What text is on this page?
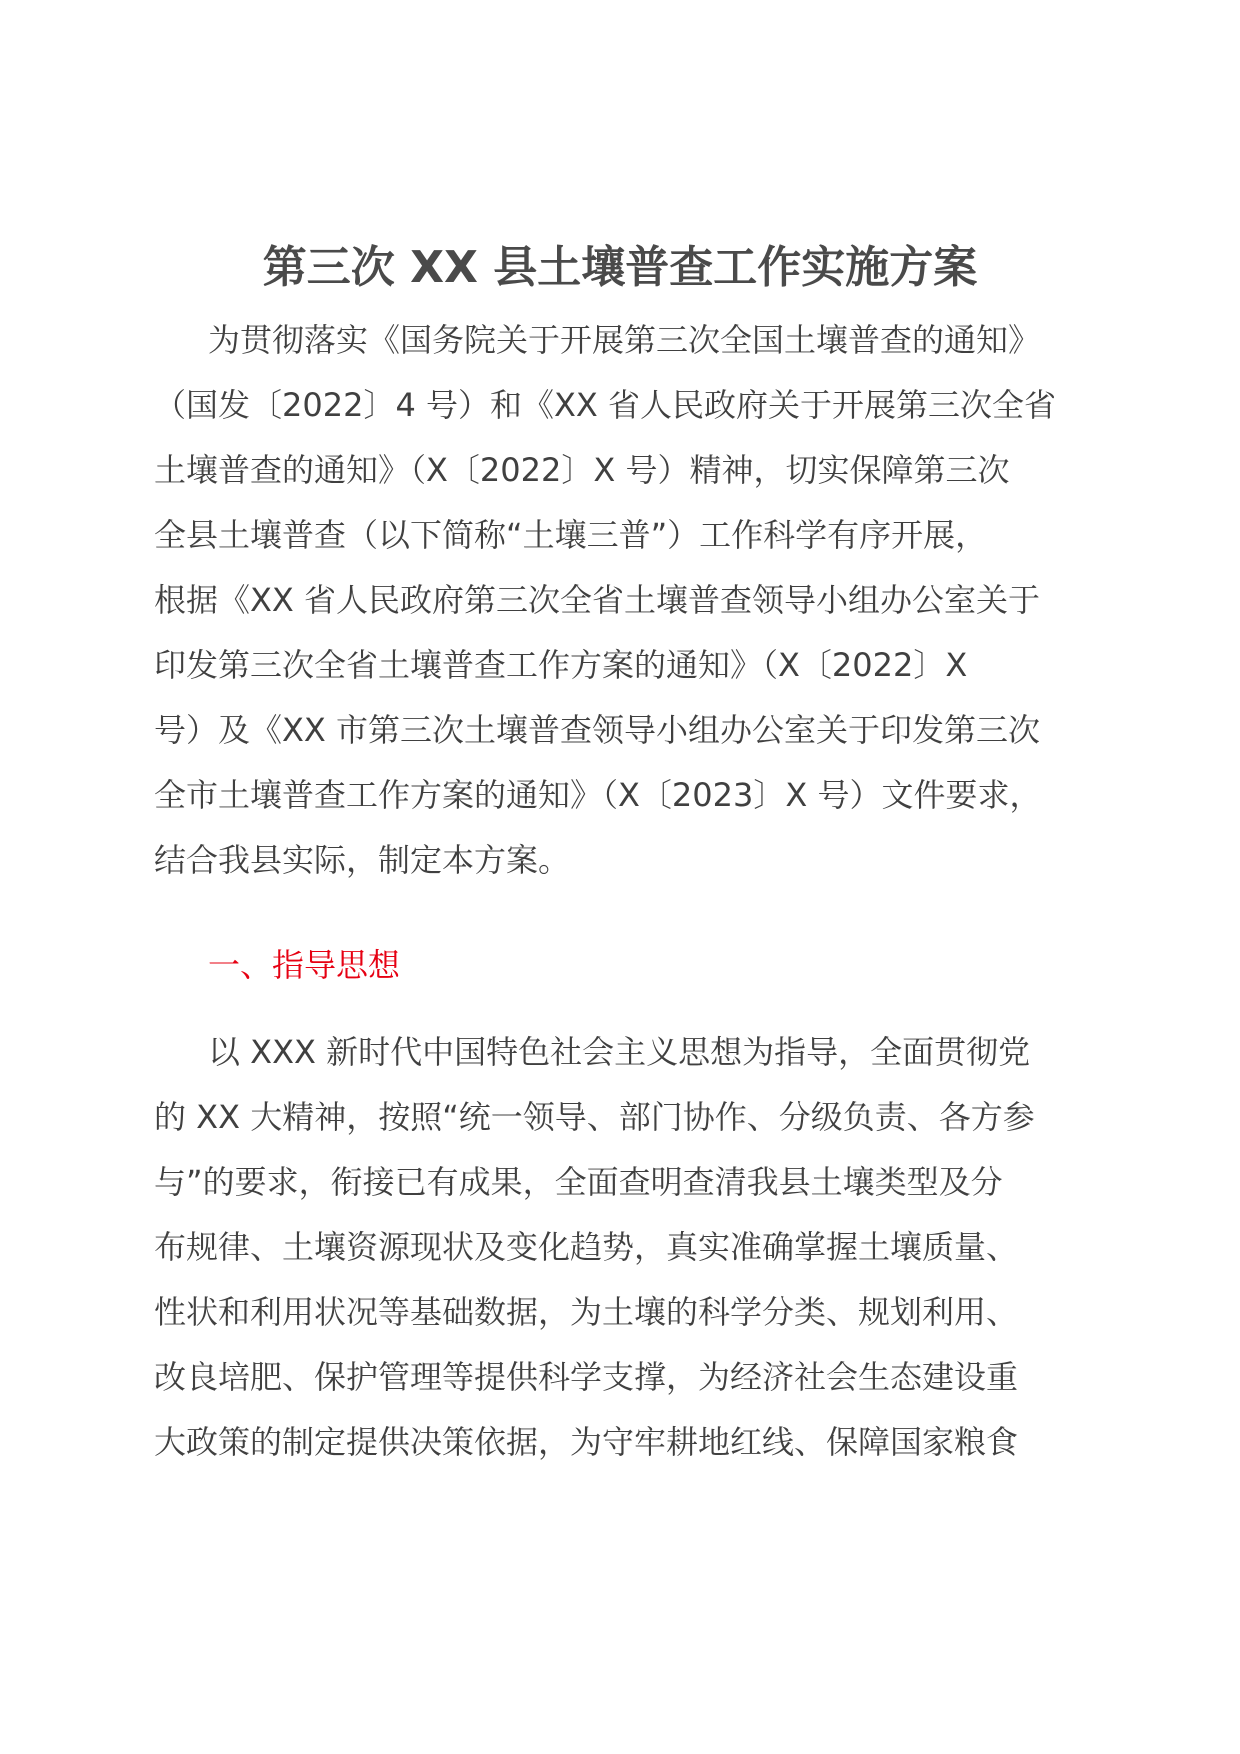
第三次 XX 县土壤普查工作实施方案
为贯彻落实《国务院关于开展第三次全国土壤普查的通知》
（国发〔2022〕4 号）和《XX 省人民政府关于开展第三次全省
土壤普查的通知》（X〔2022〕X 号）精神，切实保障第三次
全县土壤普查（以下简称“土壤三普”）工作科学有序开展，
根据《XX 省人民政府第三次全省土壤普查领导小组办公室关于
印发第三次全省土壤普查工作方案的通知》（X〔2022〕X
号）及《XX 市第三次土壤普查领导小组办公室关于印发第三次
全市土壤普查工作方案的通知》（X〔2023〕X 号）文件要求，
结合我县实际，制定本方案。
一、指导思想
以 XXX 新时代中国特色社会主义思想为指导，全面贯彻党
的 XX 大精神，按照“统一领导、部门协作、分级负责、各方参
与”的要求，衔接已有成果，全面查明查清我县土壤类型及分
布规律、土壤资源现状及变化趋势，真实准确掌握土壤质量、
性状和利用状况等基础数据，为土壤的科学分类、规划利用、
改良培肥、保护管理等提供科学支撑，为经济社会生态建设重
大政策的制定提供决策依据，为守牢耕地红线、保障国家粮食
